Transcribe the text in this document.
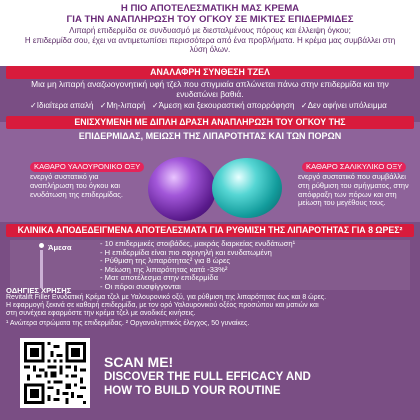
Η ΠΙΟ ΑΠΟΤΕΛΕΣΜΑΤΙΚΗ ΜΑΣ ΚΡΕΜΑ
ΓΙΑ ΤΗΝ ΑΝΑΠΛΗΡΩΣΗ ΤΟΥ ΟΓΚΟΥ ΣΕ ΜΙΚΤΕΣ ΕΠΙΔΕΡΜΙΔΕΣ
Λιπαρή επιδερμίδα σε συνδυασμό με διεσταλμένους πόρους και έλλειψη όγκου;
Η επιδερμίδα σου, έχει να αντιμετωπίσει περισσότερα από ένα προβλήματα. Η κρέμα μας συμβάλλει στη
λύση όλων.
ΑΝΑΛΑΦΡΗ ΣΥΝΘΕΣΗ ΤΖΕΛ
Μια μη λιπαρή αναζωογονητική υφή τζελ που στιγμιαία απλώνεται πάνω στην επιδερμίδα και την
ενυδατώνει βαθιά.
✓Ιδιαίτερα απαλή ✓Μη-λιπαρή ✓Άμεση και ξεκουραστική απορρόφηση ✓Δεν αφήνει υπόλειμμα
ΕΝΙΣΧΥΜΕΝΗ ΜΕ ΔΙΠΛΗ ΔΡΑΣΗ ΑΝΑΠΛΗΡΩΣΗ ΤΟΥ ΟΓΚΟΥ ΤΗΣ
ΕΠΙΔΕΡΜΙΔΑΣ, ΜΕΙΩΣΗ ΤΗΣ ΛΙΠΑΡΟΤΗΤΑΣ ΚΑΙ ΤΩΝ ΠΟΡΩΝ
ΚΑΘΑΡΟ ΥΑΛΟΥΡΟΝΙΚΟ ΟΞΥ
ενεργό συστατικό για αναπλήρωση του όγκου και ενυδάτωση της επιδερμίδας.
ΚΑΘΑΡΟ ΣΑΛΙΚΥΛΙΚΟ ΟΞΥ
ενεργό συστατικό που συμβάλλει στη ρύθμιση του σμήγματος, στην απόφραξη των πόρων και στη μείωση του μεγέθους τους.
ΚΛΙΝΙΚΑ ΑΠΟΔΕΔΕΙΓΜΕΝΑ ΑΠΟΤΕΛΕΣΜΑΤΑ ΓΙΑ ΡΥΘΜΙΣΗ ΤΗΣ ΛΙΠΑΡΟΤΗΤΑΣ ΓΙΑ 8 ΩΡΕΣ²
Άμεσα	- 10 επιδερμικές στοιβάδες, μακράς διαρκείας ενυδάτωση¹
- Η επιδερμίδα είναι πιο σφριγηλή και ενυδατωμένη
- Ρύθμιση της λιπαρότητας² για 8 ώρες
- Μείωση της λιπαρότητας κατά -33%²
- Ματ αποτέλεσμα στην επιδερμίδα
- Οι πόροι συσφίγγονται
ΟΔΗΓΙΕΣ ΧΡΗΣΗΣ
Revitalift Filler Ενυδατική Κρέμα τζελ με Υαλουρονικό οξύ, για ρύθμιση της λιπαρότητας έως και 8 ώρες.
Η εφαρμογή ξεκινά σε καθαρή επιδερμίδα, με τον ορό Υαλουρονικού οξέος προσώπου και ματιών και
στη συνέχεια εφαρμόστε την κρέμα τζελ με ανοδικές κινήσεις.
¹ Ανώτερα στρώματα της επιδερμίδας. ² Οργανοληπτικός έλεγχος, 50 γυναίκες.
SCAN ME!
DISCOVER THE FULL EFFICACY AND
HOW TO BUILD YOUR ROUTINE
